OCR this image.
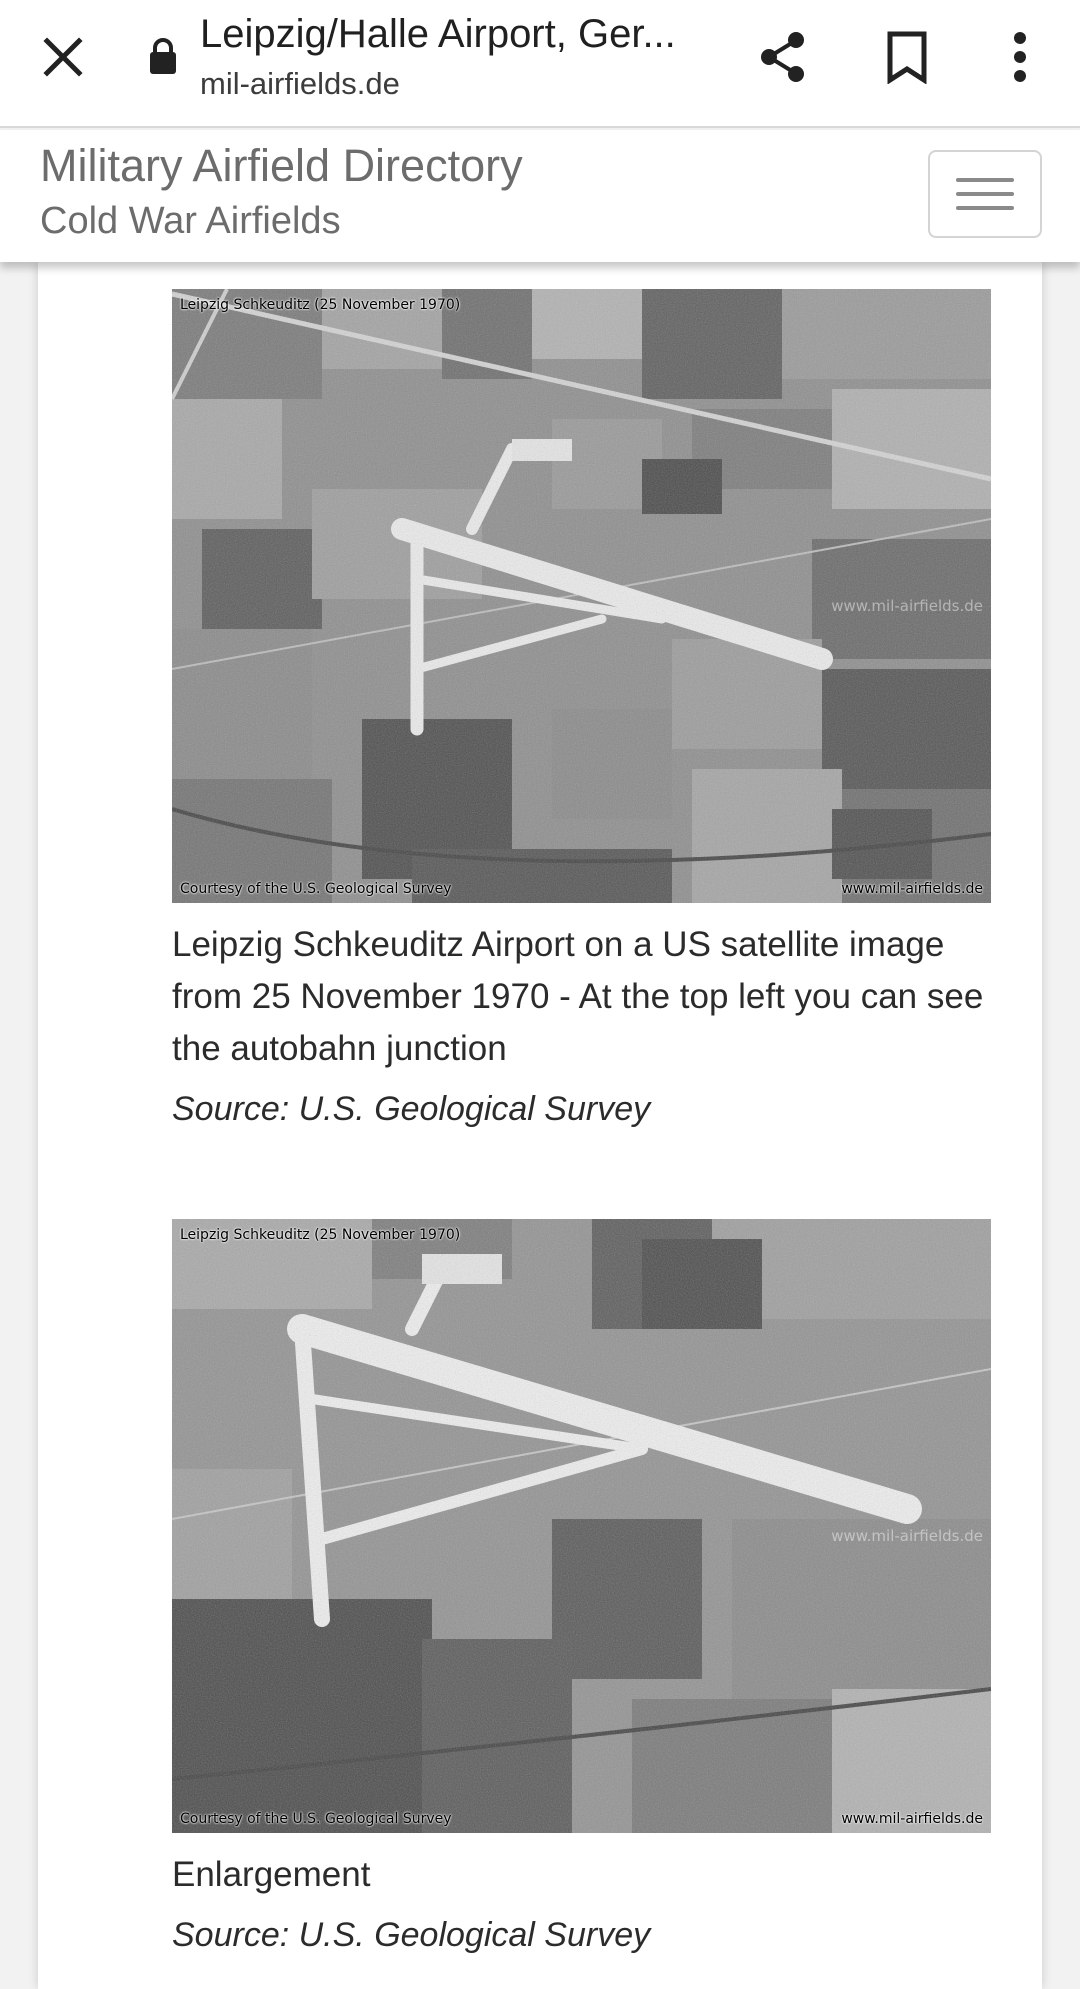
Leipzig/Halle Airport, Ger...
mil-airfields.de
Military Airfield Directory
Cold War Airfields
Leipzig Schkeuditz (25 November 1970)
www.mil-airfields.de
Courtesy of the U.S. Geological Survey	www.mil-airfields.de
Leipzig Schkeuditz Airport on a US satellite image from 25 November 1970 - At the top left you can see the autobahn junction
Source: U.S. Geological Survey
Leipzig Schkeuditz (25 November 1970)
www.mil-airfields.de
Courtesy of the U.S. Geological Survey	www.mil-airfields.de
Enlargement
Source: U.S. Geological Survey
